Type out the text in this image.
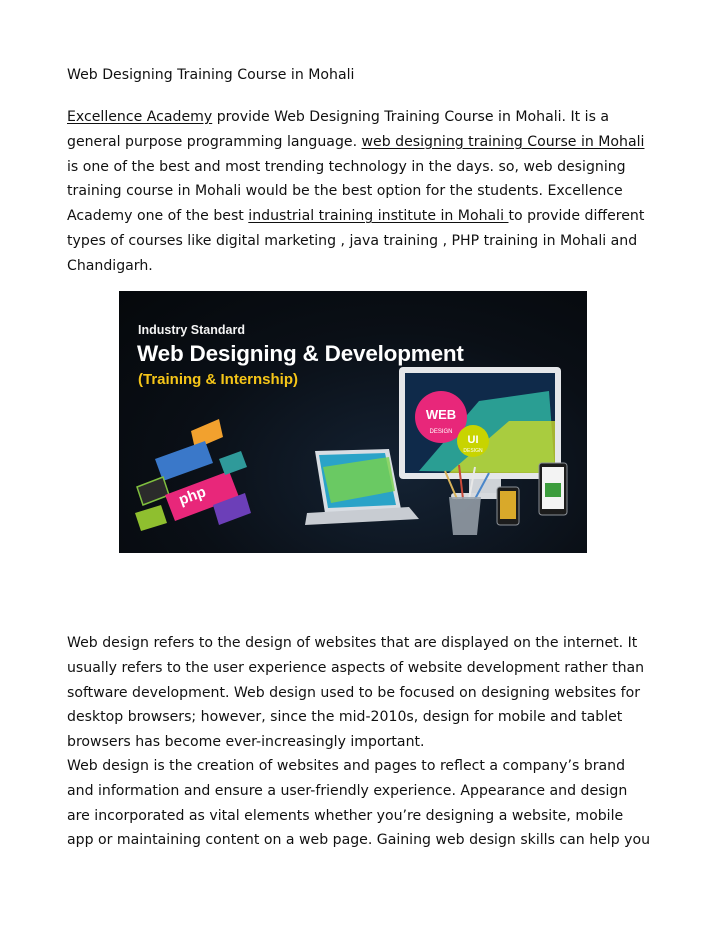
Web Designing Training Course in Mohali

Excellence Academy provide Web Designing Training Course in Mohali. It is a
general purpose programming language. web designing training Course in Mohali
is one of the best and most trending technology in the days. so, web designing
training course in Mohali would be the best option for the students. Excellence
Academy one of the best industrial training institute in Mohali to provide different
types of courses like digital marketing , java training , PHP training in Mohali and
Chandigarh.
php
WEB
DESIGN
UI
DESIGN
Industry Standard
Web Designing & Development
(Training & Internship)
Web design refers to the design of websites that are displayed on the internet. It
usually refers to the user experience aspects of website development rather than
software development. Web design used to be focused on designing websites for
desktop browsers; however, since the mid-2010s, design for mobile and tablet
browsers has become ever-increasingly important.
Web design is the creation of websites and pages to reflect a company’s brand
and information and ensure a user-friendly experience. Appearance and design
are incorporated as vital elements whether you’re designing a website, mobile
app or maintaining content on a web page. Gaining web design skills can help you
